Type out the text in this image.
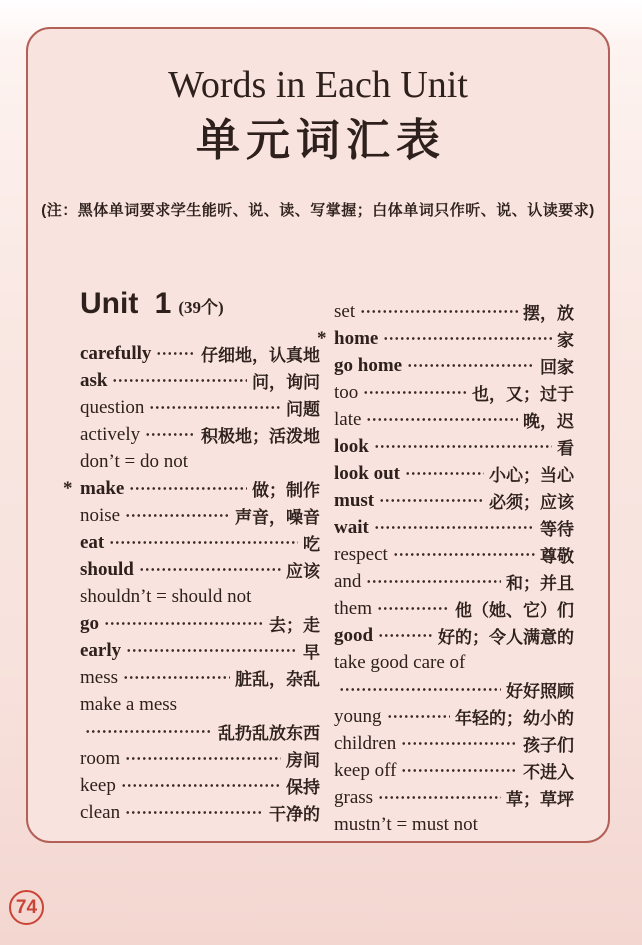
Words in Each Unit
单元词汇表
(注：黑体单词要求学生能听、说、读、写掌握；白体单词只作听、说、认读要求)
Unit 1 (39个)
carefully	仔细地，认真地
ask	问，询问
question	问题
actively	积极地；活泼地
don’t = do not
* make	做；制作
noise	声音，噪音
eat	吃
should	应该
shouldn’t = should not
go	去；走
early	早
mess	脏乱，杂乱
make a mess
乱扔乱放东西
room	房间
keep	保持
clean	干净的
set	摆，放
* home	家
go home	回家
too	也，又；过于
late	晚，迟
look	看
look out	小心；当心
must	必须；应该
wait	等待
respect	尊敬
and	和；并且
them	他（她、它）们
good	好的；令人满意的
take good care of
好好照顾
young	年轻的；幼小的
children	孩子们
keep off	不进入
grass	草；草坪
mustn’t = must not
74
